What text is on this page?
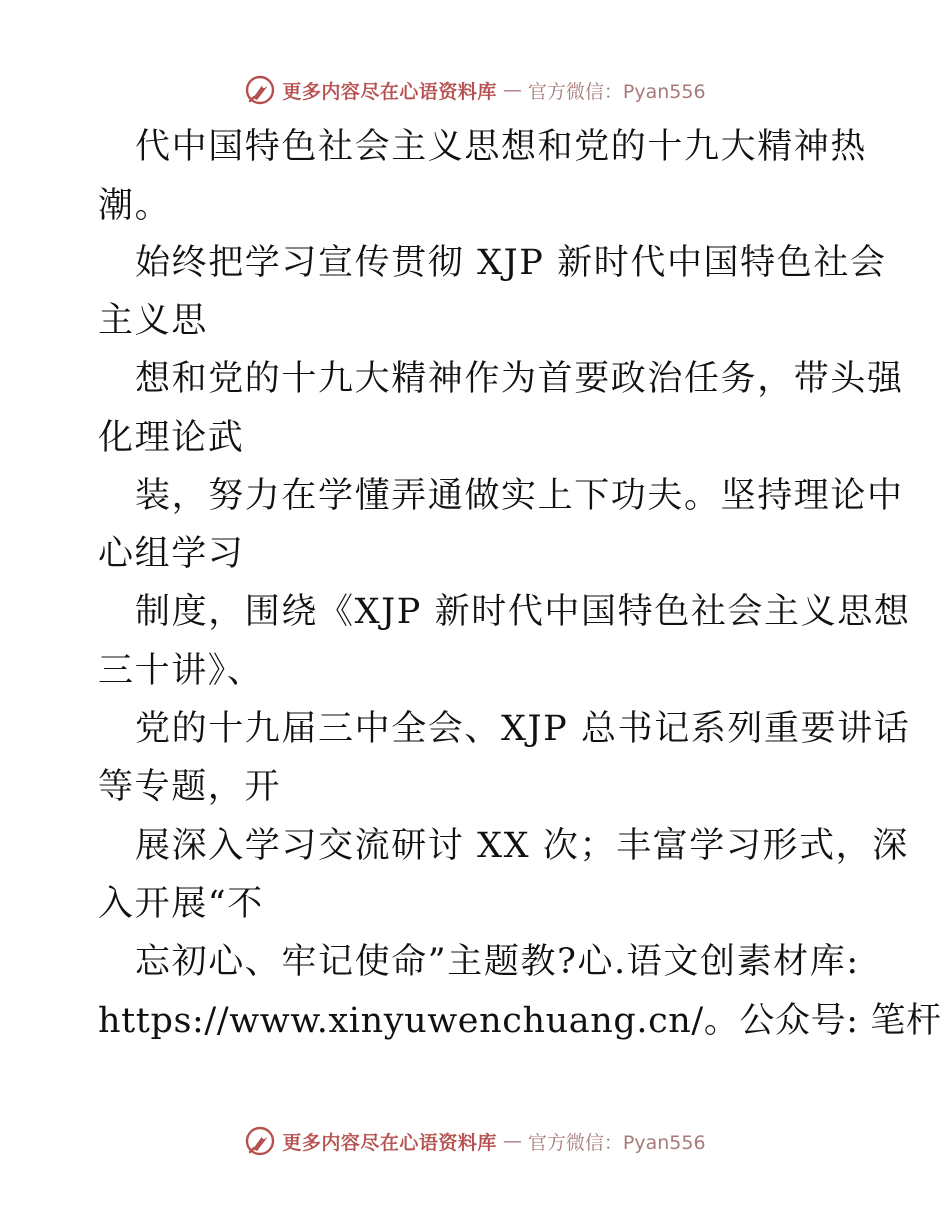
更多内容尽在心语资料库 — 官方微信：Pyan556
代中国特色社会主义思想和党的十九大精神热
潮。
始终把学习宣传贯彻 XJP 新时代中国特色社会
主义思
想和党的十九大精神作为首要政治任务，带头强
化理论武
装，努力在学懂弄通做实上下功夫。坚持理论中
心组学习
制度，围绕《XJP 新时代中国特色社会主义思想
三十讲》、
党的十九届三中全会、XJP 总书记系列重要讲话
等专题，开
展深入学习交流研讨 XX 次；丰富学习形式，深
入开展“不
忘初心、牢记使命”主题教?心.语文创素材库:
https://www.xinyuwenchuang.cn/。公众号: 笔杆
更多内容尽在心语资料库 — 官方微信：Pyan556
